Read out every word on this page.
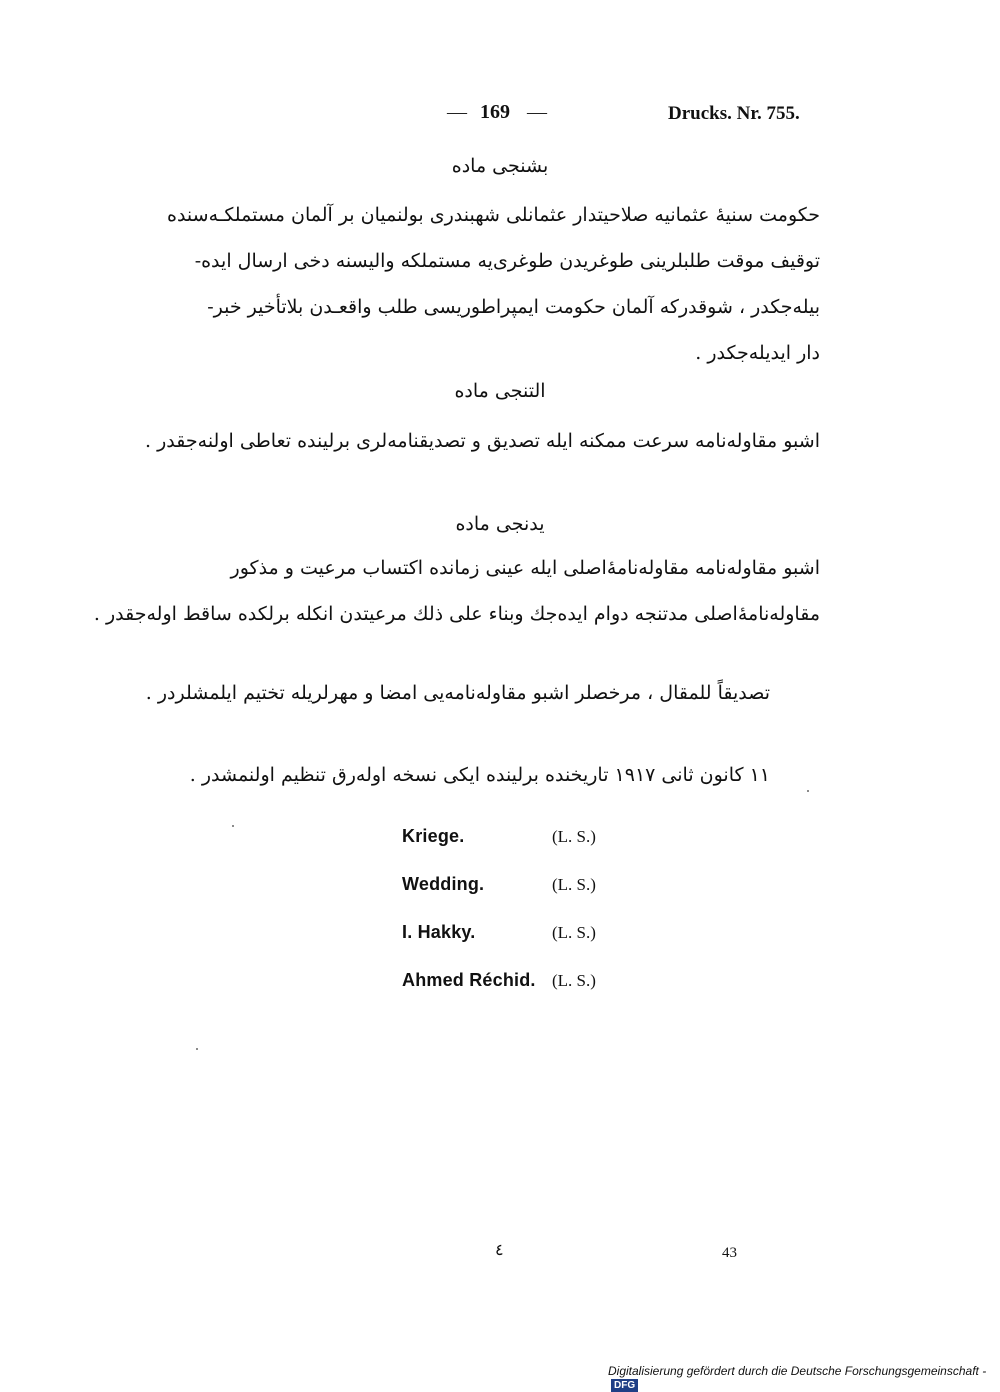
— 169 —	Drucks. Nr. 755.
بشنجی ماده
حکومت سنیهٔ عثمانیه صلاحیتدار عثمانلی شهبندری بولنمیان بر آلمان مستملکـه‌سنده
توقیف موقت طلبلرینی طوغریدن طوغری‌یه مستملکه والیسنه دخی ارسال ایده‌-
بیله‌جکدر ، شوقدرکه آلمان حکومت ایمپراطوریسی طلب واقعـدن بلاتأخیر خبر-
دار ایدیله‌جکدر .
التنجی ماده
اشبو مقاوله‌نامه سرعت ممکنه ایله تصدیق و تصدیقنامه‌لری برلینده تعاطی اولنه‌جقدر .
یدنجی ماده
اشبو مقاوله‌نامه مقاوله‌نامهٔ‌اصلی ایله عینی زمانده اکتساب مرعیت و مذکور
مقاوله‌نامهٔ‌اصلی مدتنجه دوام ایده‌جك وبناء علی ذلك مرعیتدن انکله برلکده ساقط اوله‌جقدر .
تصدیقاً للمقال ، مرخصلر اشبو مقاوله‌نامه‌یی امضا و مهرلریله تختیم ایلمشلردر .
١١ کانون ثانی ١٩١٧ تاریخنده برلینده ایکی نسخه اوله‌رق تنظیم اولنمشدر .
Kriege.	(L. S.)
Wedding.	(L. S.)
I. Hakky.	(L. S.)
Ahmed Réchid. (L. S.)
٤	43
Digitalisierung gefördert durch die Deutsche Forschungsgemeinschaft -DFG
